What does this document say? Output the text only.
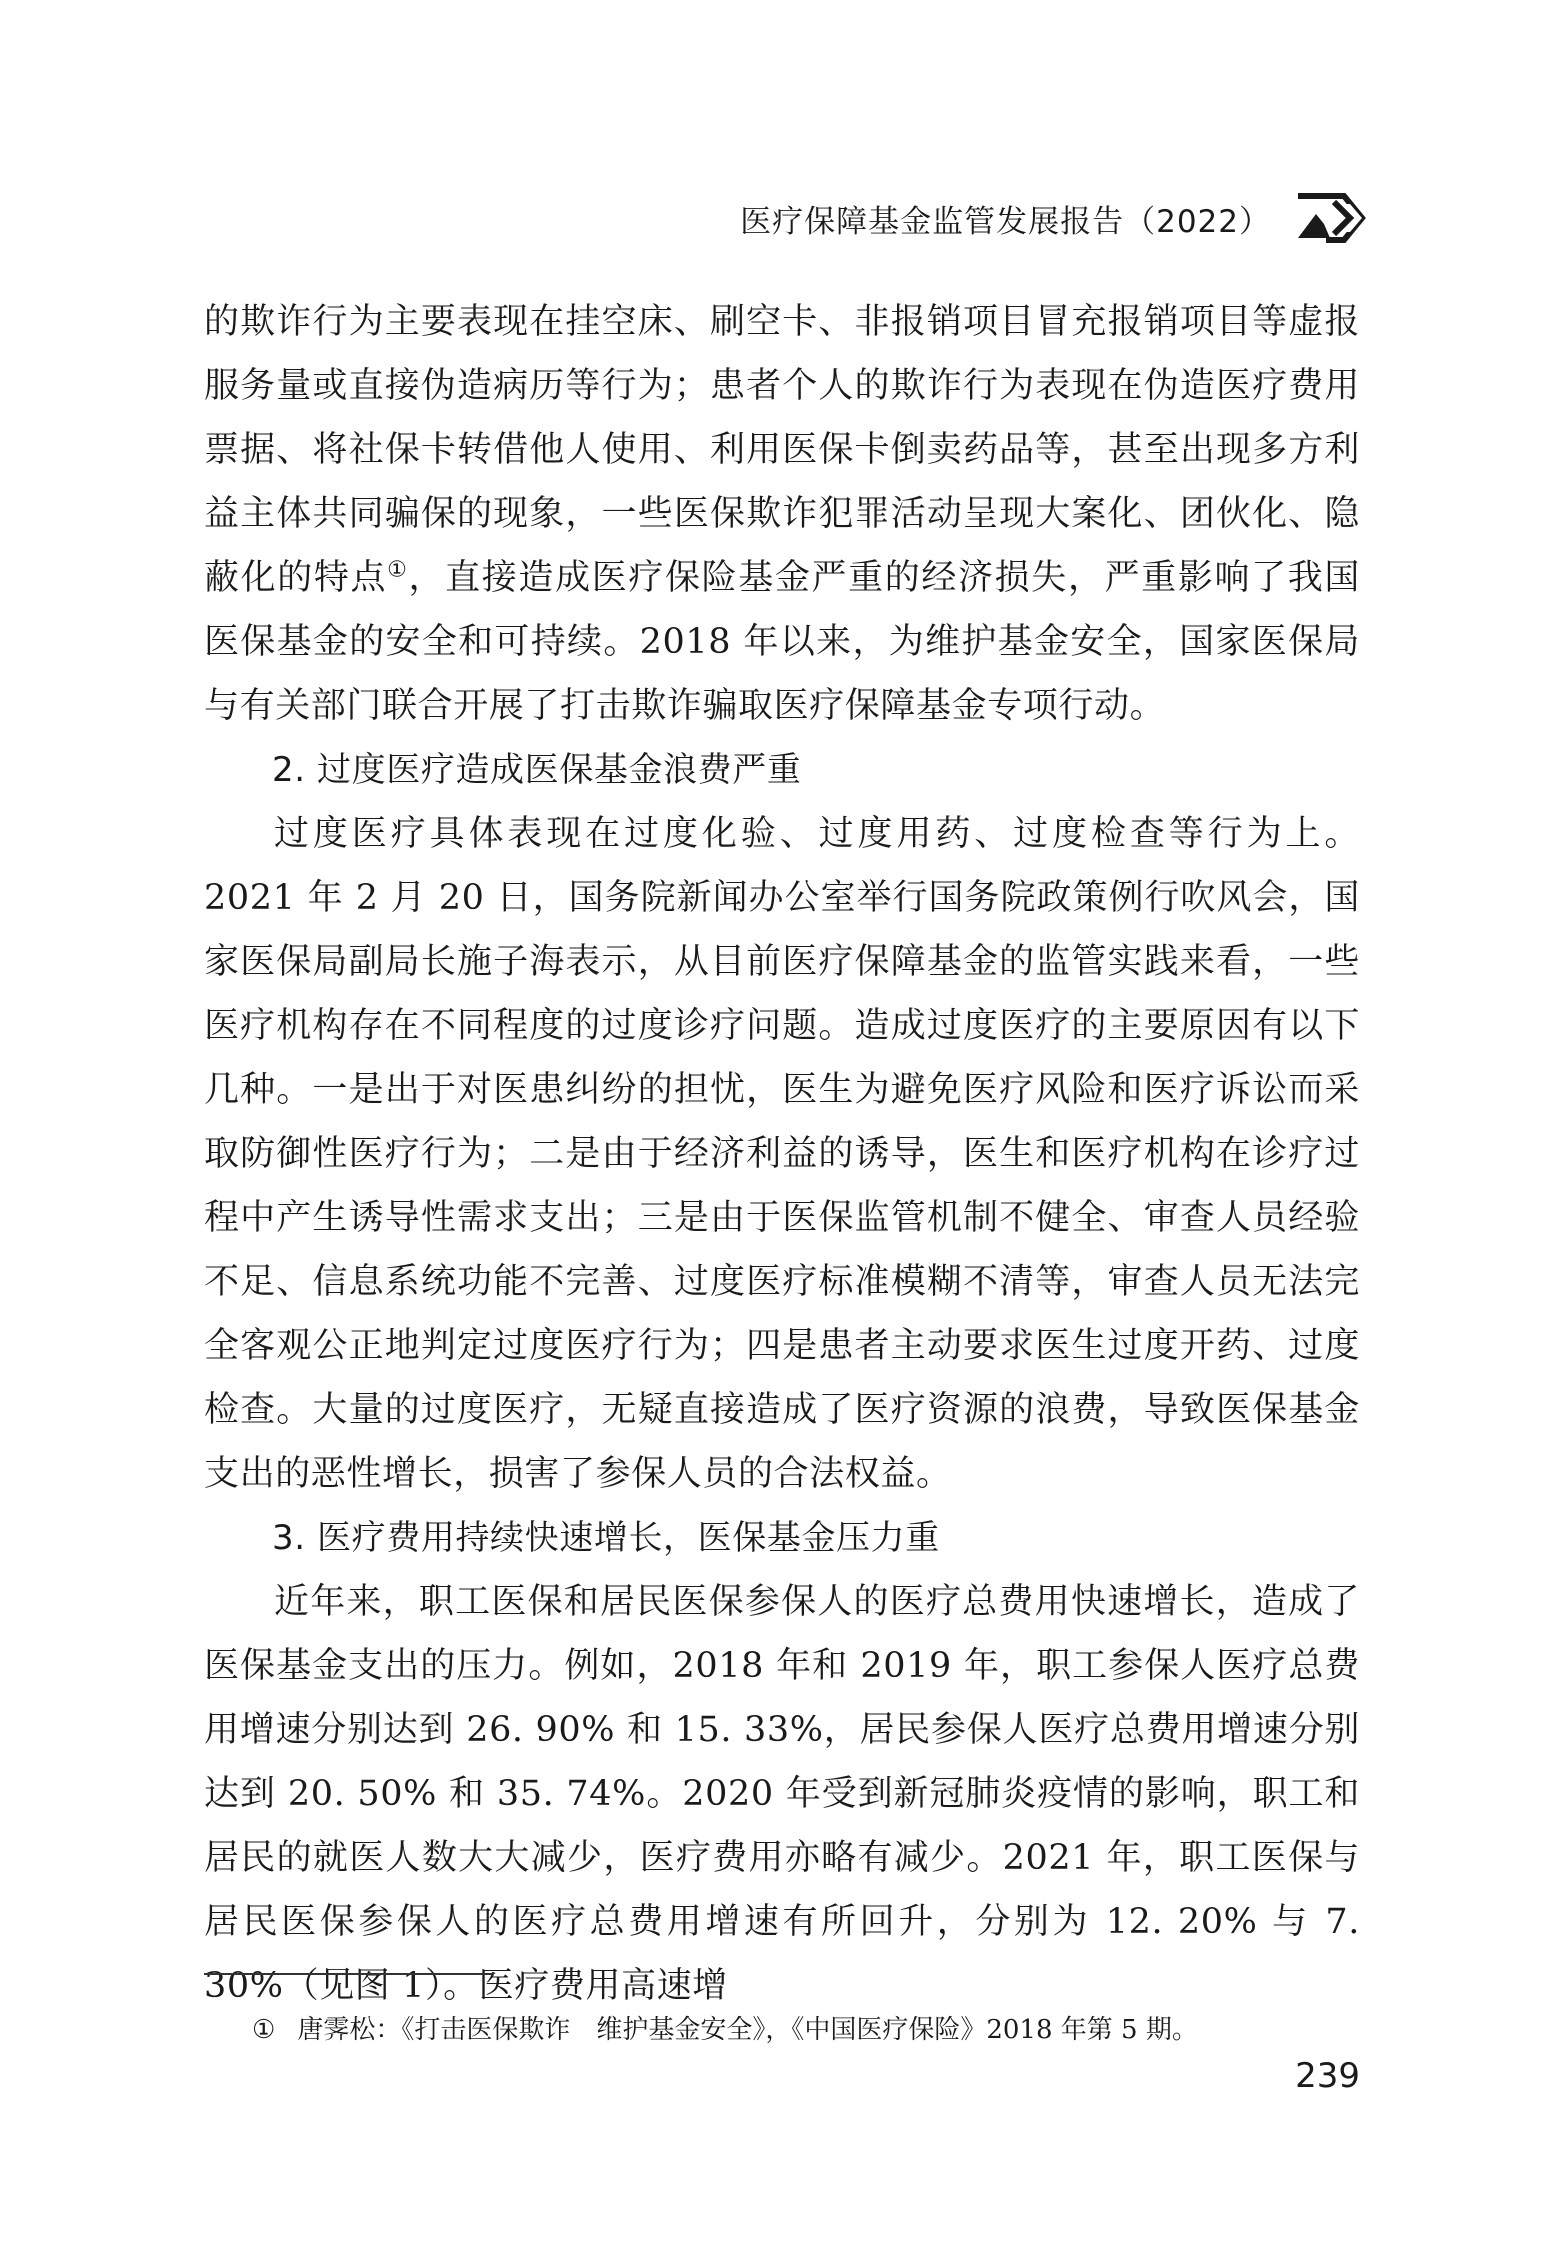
医疗保障基金监管发展报告（2022）

的欺诈行为主要表现在挂空床、刷空卡、非报销项目冒充报销项目等虚报服务量或直接伪造病历等行为；患者个人的欺诈行为表现在伪造医疗费用票据、将社保卡转借他人使用、利用医保卡倒卖药品等，甚至出现多方利益主体共同骗保的现象，一些医保欺诈犯罪活动呈现大案化、团伙化、隐蔽化的特点①，直接造成医疗保险基金严重的经济损失，严重影响了我国医保基金的安全和可持续。2018 年以来，为维护基金安全，国家医保局与有关部门联合开展了打击欺诈骗取医疗保障基金专项行动。

2. 过度医疗造成医保基金浪费严重

过度医疗具体表现在过度化验、过度用药、过度检查等行为上。2021 年 2 月 20 日，国务院新闻办公室举行国务院政策例行吹风会，国家医保局副局长施子海表示，从目前医疗保障基金的监管实践来看，一些医疗机构存在不同程度的过度诊疗问题。造成过度医疗的主要原因有以下几种。一是出于对医患纠纷的担忧，医生为避免医疗风险和医疗诉讼而采取防御性医疗行为；二是由于经济利益的诱导，医生和医疗机构在诊疗过程中产生诱导性需求支出；三是由于医保监管机制不健全、审查人员经验不足、信息系统功能不完善、过度医疗标准模糊不清等，审查人员无法完全客观公正地判定过度医疗行为；四是患者主动要求医生过度开药、过度检查。大量的过度医疗，无疑直接造成了医疗资源的浪费，导致医保基金支出的恶性增长，损害了参保人员的合法权益。

3. 医疗费用持续快速增长，医保基金压力重

近年来，职工医保和居民医保参保人的医疗总费用快速增长，造成了医保基金支出的压力。例如，2018 年和 2019 年，职工参保人医疗总费用增速分别达到 26. 90% 和 15. 33%，居民参保人医疗总费用增速分别达到 20. 50% 和 35. 74%。2020 年受到新冠肺炎疫情的影响，职工和居民的就医人数大大减少，医疗费用亦略有减少。2021 年，职工医保与居民医保参保人的医疗总费用增速有所回升，分别为 12. 20% 与 7. 30%（见图 1）。医疗费用高速增

① 唐霁松：《打击医保欺诈　维护基金安全》，《中国医疗保险》2018 年第 5 期。
239
